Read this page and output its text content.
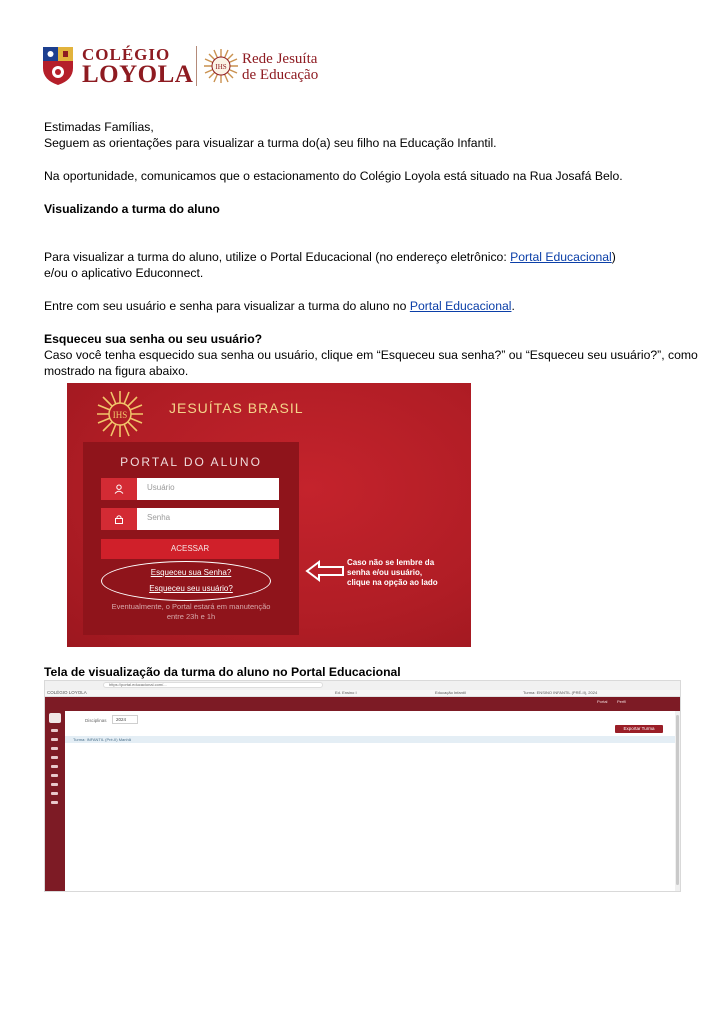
COLÉGIO
LOYOLA	IHS Rede Jesuíta
de Educação
Estimadas Famílias,
Seguem as orientações para visualizar a turma do(a) seu filho na Educação Infantil.
Na oportunidade, comunicamos que o estacionamento do Colégio Loyola está situado na Rua Josafá Belo.
Visualizando a turma do aluno
Para visualizar a turma do aluno, utilize o Portal Educacional (no endereço eletrônico: Portal Educacional)
e/ou o aplicativo Educonnect.
Entre com seu usuário e senha para visualizar a turma do aluno no Portal Educacional.
Esqueceu sua senha ou seu usuário?
Caso você tenha esquecido sua senha ou usuário, clique em “Esqueceu sua senha?” ou “Esqueceu seu usuário?”, como
mostrado na figura abaixo.
IHS	JESUÍTAS BRASIL
PORTAL DO ALUNO
Usuário
Senha
ACESSAR
Esqueceu sua Senha?
Esqueceu seu usuário?
Eventualmente, o Portal estará em manutenção
entre 23h e 1h
Caso não se lembre da
senha e/ou usuário,
clique na opção ao lado
Tela de visualização da turma do aluno no Portal Educacional
https://portal.educacional.com/...
COLÉGIO LOYOLA	Ed. Ensino I	Educação Infantil	Turma: ENSINO INFANTIL (PRÉ-II), 2024
Portal Perfil
Disciplinas	2024
Exportar Turma
Turma: INFANTIL (Pré-II) Manhã
